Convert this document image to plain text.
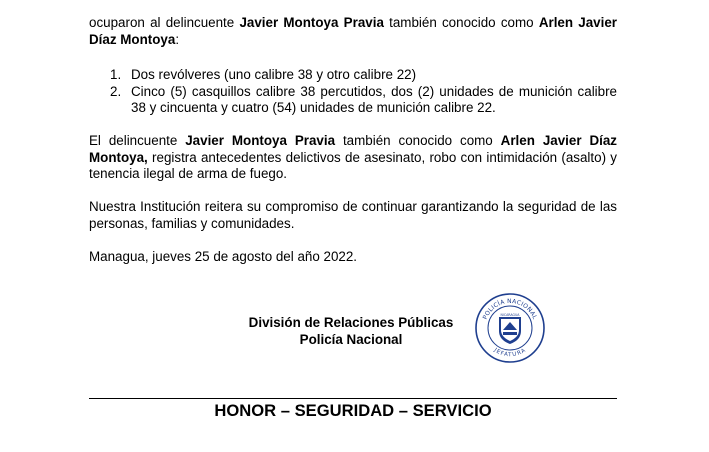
ocuparon al delincuente Javier Montoya Pravia también conocido como Arlen Javier Díaz Montoya:

1. Dos revólveres (uno calibre 38 y otro calibre 22)
2. Cinco (5) casquillos calibre 38 percutidos, dos (2) unidades de munición calibre 38 y cincuenta y cuatro (54) unidades de munición calibre 22.

El delincuente Javier Montoya Pravia también conocido como Arlen Javier Díaz Montoya, registra antecedentes delictivos de asesinato, robo con intimidación (asalto) y tenencia ilegal de arma de fuego.

Nuestra Institución reitera su compromiso de continuar garantizando la seguridad de las personas, familias y comunidades.

Managua, jueves 25 de agosto del año 2022.

División de Relaciones Públicas
Policía Nacional
POLICÍA NACIONAL
JEFATURA
NICARAGUA
HONOR – SEGURIDAD – SERVICIO
